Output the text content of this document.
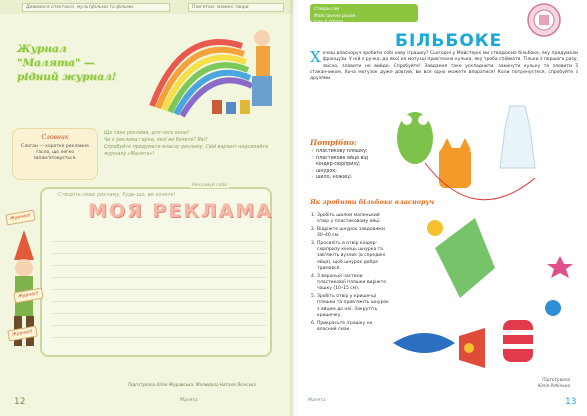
Дивимося спектаклі, мультфільми та фільми	Пам'ятки: мамині твори
Журнал
"Малята" —
рідний журнал!
Словник
Слоган — коротке рекламне гасло, що легко запам'ятовується.
Що таке реклама, для чого вона?
Чи є реклама гарна, якої ви бачите? Які?
Спробуйте придумати власну рекламу. Свій варіант надсилайте журналу «Малята»!
Рекламуй себе
Створіть свою рекламу, будь-що, ви хочете!
МОЯ РЕКЛАМА
Журнал!
Журнал!
Журнал!
Підготувала Юлія Журавська. Малювала Наталя Ясінська
12	Малята
Створи сам
Майструємо разом
Ігри й забави
БІЛЬБОКЕ
Х очеш власноруч зробити собі нову іграшку? Сьогодні у Майстерні ми створюємо більбоке, яку придумали французи. У ній є ручка, до якої на мотузці прив'язана кулька, яку треба спіймати. Тільки з першого разу, звісно, зловити не вийде. Спробуйте! Завдання таке ускладнити: закинути кульку та зловити її стаканчиком. Хоча мотузок дуже довгий, ви все одно можете впоратися! Коли потренуєтеся, спробуйте з друзями.
Потрібно:
✓ пластикову пляшку;
✓ пластикове яйце від кіндер-сюрпризу;
✓ шнурок;
✓ шило, ножиці.
Як зробити більбоке власноруч
1. Зробіть шилом маленький отвір у пластиковому яйці.
2. Відріжте шнурок завдовжки 30–40 см.
3. Просиліть в отвір кіндер-сюрпризу кінець шнурка та зав'яжіть вузлик (в середині яйця), щоб шнурок добре тримався.
4. З верхньої частини пластикової пляшки виріжте чашку (10–15 см).
5. Зробіть отвір у кришечці пляшки та прив'яжіть шнурок з яйцем до неї. Закрутіть кришечку.
6. Прикрасьте іграшку на власний смак.
Підготувала
Юлія Ребілько
Малята	13
